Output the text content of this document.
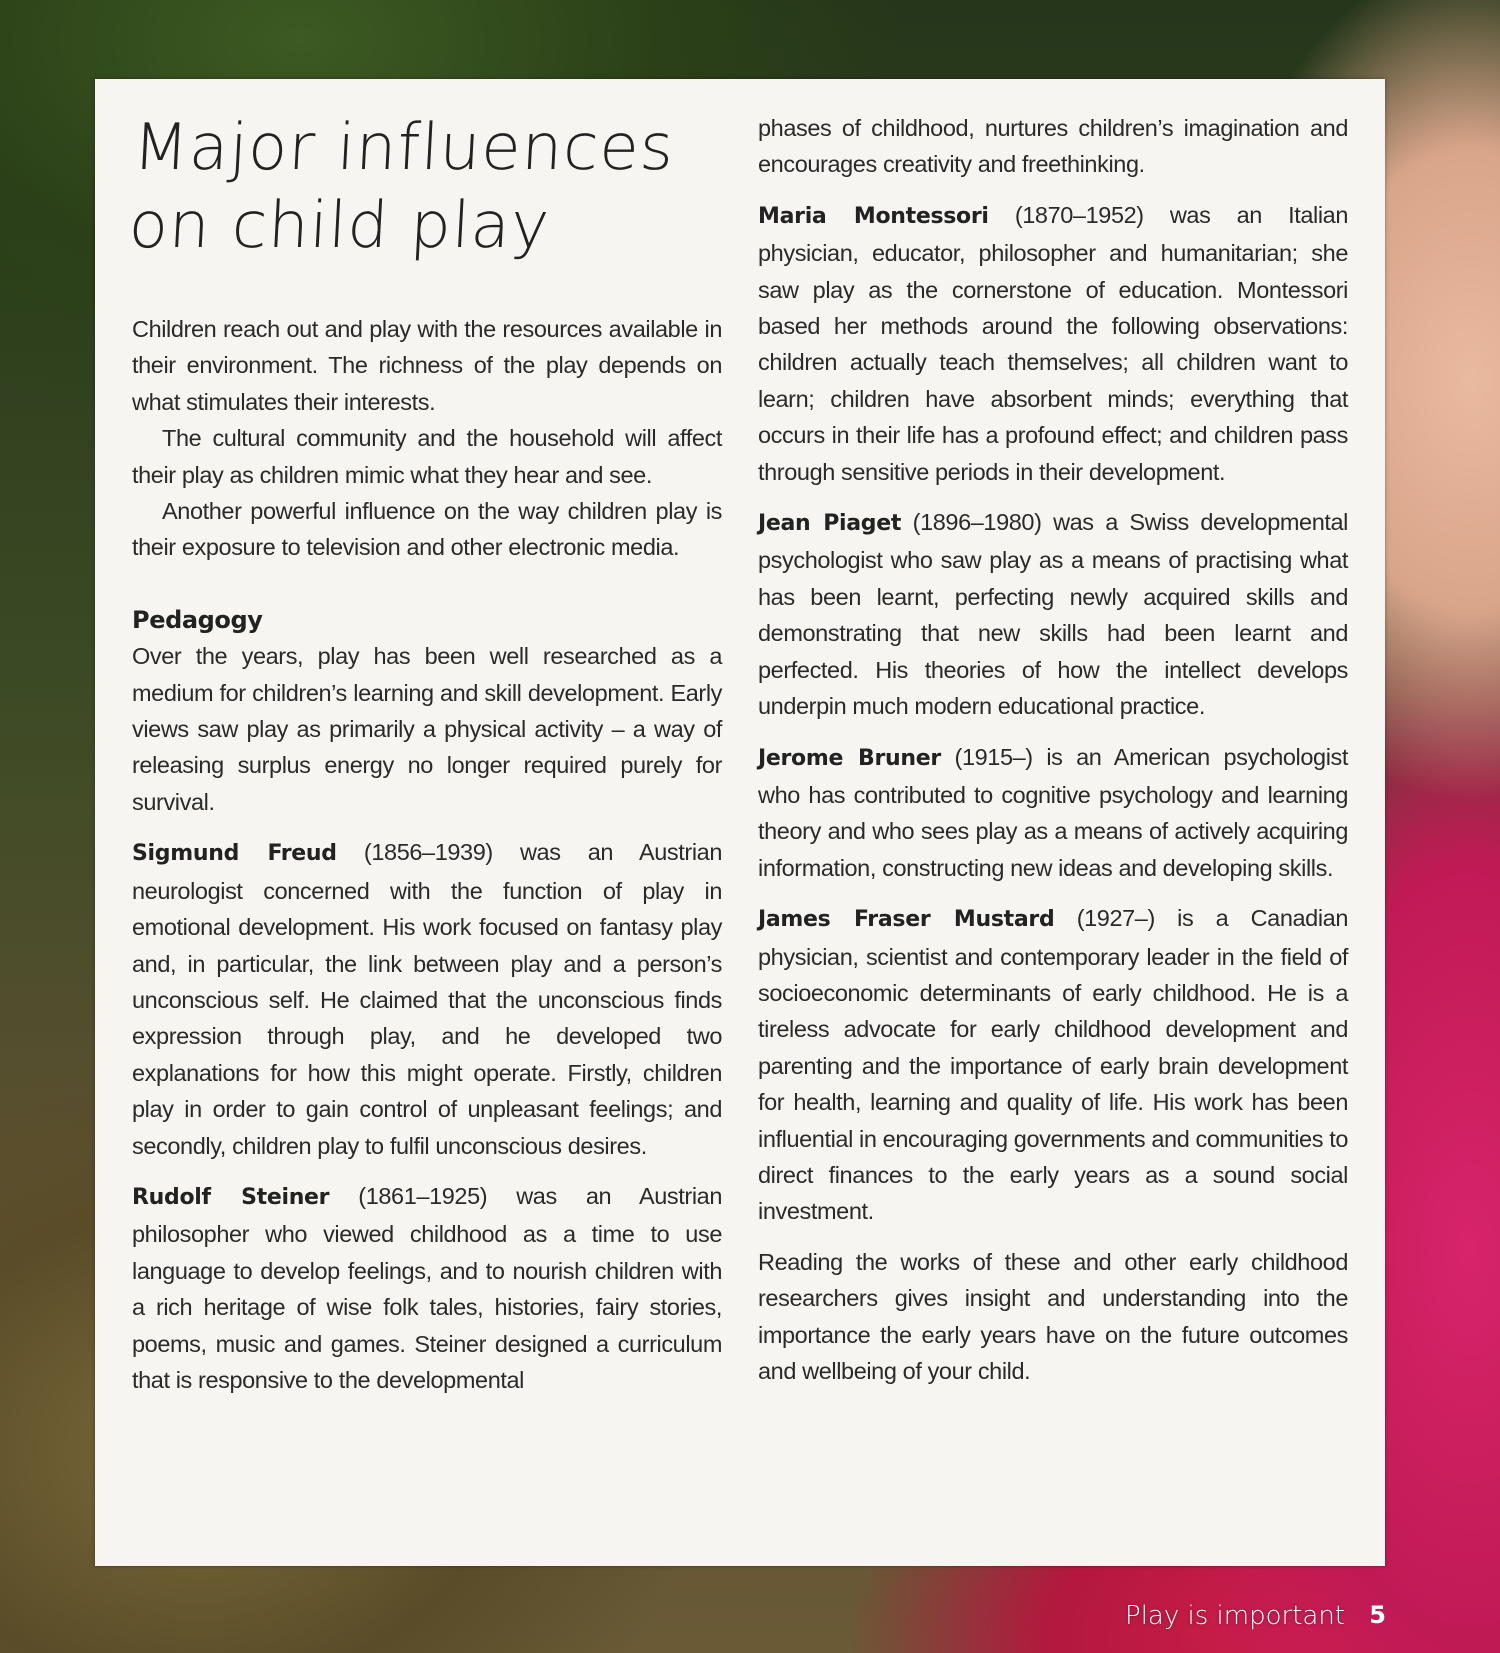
Major influences
on child play

Children reach out and play with the resources available in their environment. The richness of the play depends on what stimulates their interests.

The cultural community and the household will affect their play as children mimic what they hear and see.

Another powerful influence on the way children play is their exposure to television and other electronic media.

Pedagogy

Over the years, play has been well researched as a medium for children’s learning and skill development. Early views saw play as primarily a physical activity – a way of releasing surplus energy no longer required purely for survival.

Sigmund Freud (1856–1939) was an Austrian neurologist concerned with the function of play in emotional development. His work focused on fantasy play and, in particular, the link between play and a person’s unconscious self. He claimed that the unconscious finds expression through play, and he developed two explanations for how this might operate. Firstly, children play in order to gain control of unpleasant feelings; and secondly, children play to fulfil unconscious desires.

Rudolf Steiner (1861–1925) was an Austrian philosopher who viewed childhood as a time to use language to develop feelings, and to nourish children with a rich heritage of wise folk tales, histories, fairy stories, poems, music and games. Steiner designed a curriculum that is responsive to the developmental

phases of childhood, nurtures children’s imagination and encourages creativity and freethinking.

Maria Montessori (1870–1952) was an Italian physician, educator, philosopher and humanitarian; she saw play as the cornerstone of education. Montessori based her methods around the following observations: children actually teach themselves; all children want to learn; children have absorbent minds; everything that occurs in their life has a profound effect; and children pass through sensitive periods in their development.

Jean Piaget (1896–1980) was a Swiss developmental psychologist who saw play as a means of practising what has been learnt, perfecting newly acquired skills and demonstrating that new skills had been learnt and perfected. His theories of how the intellect develops underpin much modern educational practice.

Jerome Bruner (1915–) is an American psychologist who has contributed to cognitive psychology and learning theory and who sees play as a means of actively acquiring information, constructing new ideas and developing skills.

James Fraser Mustard (1927–) is a Canadian physician, scientist and contemporary leader in the field of socioeconomic determinants of early childhood. He is a tireless advocate for early childhood development and parenting and the importance of early brain development for health, learning and quality of life. His work has been influential in encouraging governments and communities to direct finances to the early years as a sound social investment.

Reading the works of these and other early childhood researchers gives insight and understanding into the importance the early years have on the future outcomes and wellbeing of your child.

Play is important 5
